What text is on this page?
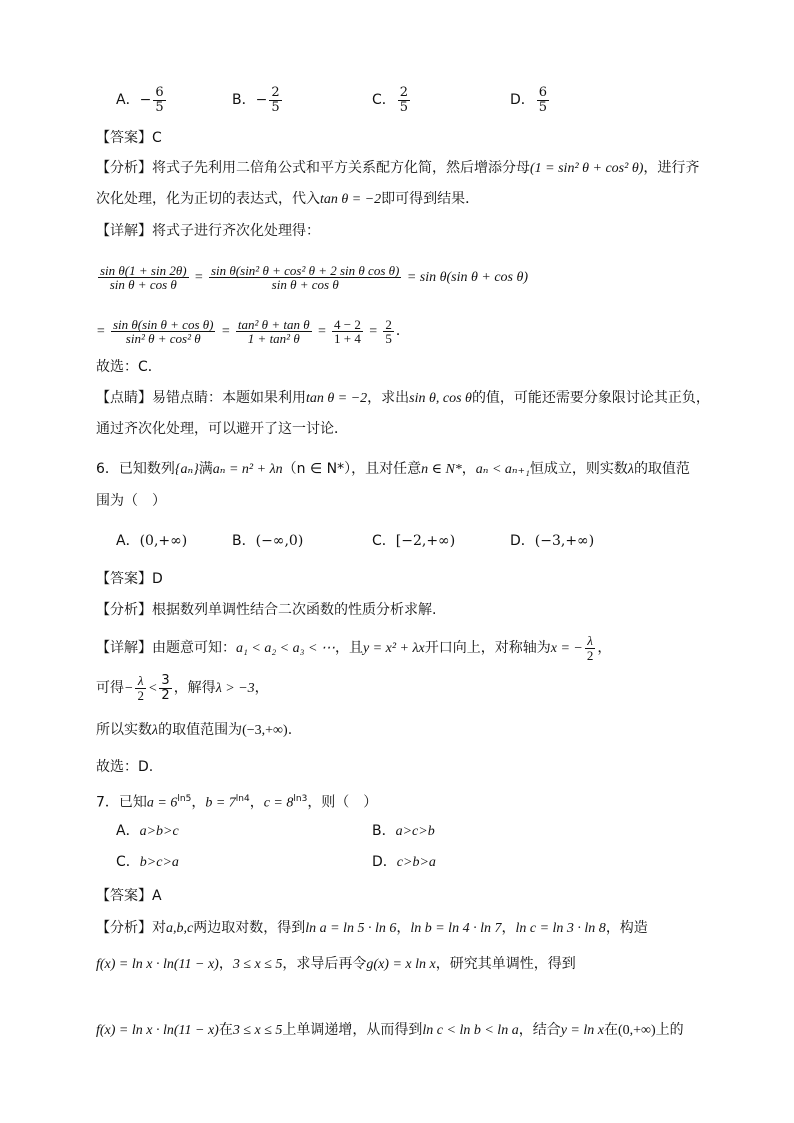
A．− $\frac{6}{5}$	B．− $\frac{2}{5}$	C． $\frac{2}{5}$	D． $\frac{6}{5}$
【答案】C
【分析】将式子先利用二倍角公式和平方关系配方化简，然后增添分母(1 = sin² θ + cos² θ)，进行齐
次化处理，化为正切的表达式，代入tan θ = −2即可得到结果．
【详解】将式子进行齐次化处理得：
$\frac{\text{sin θ(1 + sin 2θ)}}{\text{sin θ + cos θ}} = \frac{\text{sin θ(sin² θ + cos² θ + 2 sin θ cos θ)}}{\text{sin θ + cos θ}} = \sin \theta(\sin$ θ + cos θ)
= $\frac{\text{sin θ(sin θ + cos θ)}}{\text{sin² θ + cos² θ}} = \frac{\text{tan² θ + tan θ}}{\text{1 + tan² θ}} = \frac{4 - 2}{1 + 4} = \frac{2}{5}$ ．
故选：C．
【点睛】易错点睛：本题如果利用tan θ = −2，求出sin θ, cos θ的值，可能还需要分象限讨论其正负，
通过齐次化处理，可以避开了这一讨论．
6．已知数列{aₙ}满aₙ = n² + λn（n ∈ N*），且对任意n ∈ N*，aₙ < aₙ₊₁恒成立，则实数λ的取值范
围为（　）
A．(0,+∞)	B．(−∞,0)	C．[−2,+∞)	D．(−3,+∞)
【答案】D
【分析】根据数列单调性结合二次函数的性质分析求解.
【详解】由题意可知：a₁ < a₂ < a₃ < ⋯，且y = x² + λx开口向上，对称轴为x = − $\frac{\lambda}{2}$ ，
可得− $\frac{\lambda}{2} < \frac{3}{2}$ ，解得λ > −3，
所以实数λ的取值范围为(−3,+∞).
故选：D.
7．已知$a = 6^{ln5}$，$b = 7^{ln4}$，$c = 8^{ln3}$，则（　）
A．a>b>c	B．a>c>b
C．b>c>a	D．c>b>a
【答案】A
【分析】对a,b,c两边取对数，得到ln a = ln 5 · ln 6，ln b = ln 4 · ln 7，ln c = ln 3 · ln 8，构造
f(x) = ln x · ln(11 − x)，3 ≤ x ≤ 5，求导后再令g(x) = x ln x，研究其单调性，得到
f(x) = ln x · ln(11 − x)在3 ≤ x ≤ 5上单调递增，从而得到ln c < ln b < ln a，结合y = ln x在(0,+∞)上的
